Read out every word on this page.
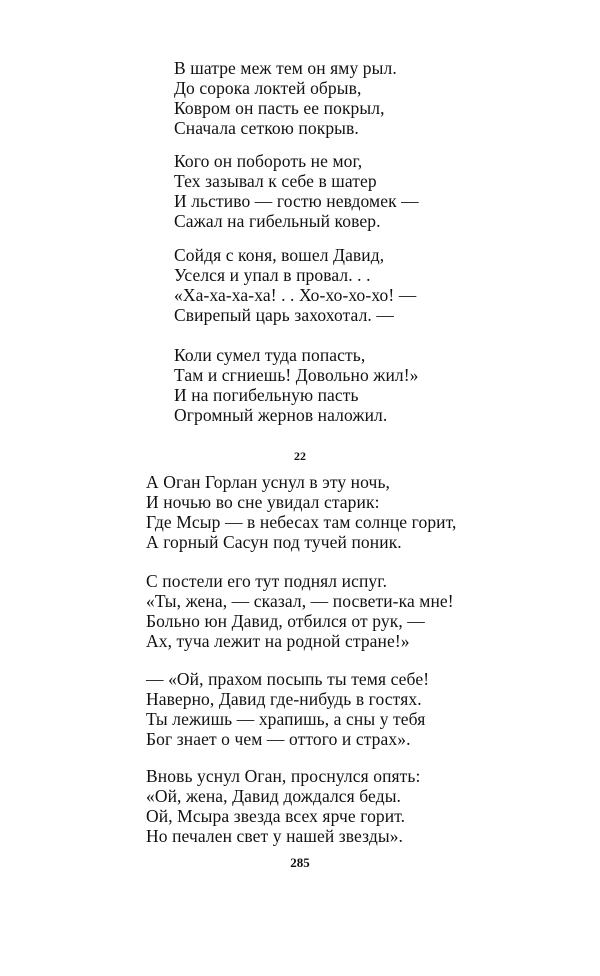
В шатре меж тем он яму рыл.
До сорока локтей обрыв,
Ковром он пасть ее покрыл,
Сначала сеткою покрыв.
Кого он побороть не мог,
Тех зазывал к себе в шатер
И льстиво — гостю невдомек —
Сажал на гибельный ковер.
Сойдя с коня, вошел Давид,
Уселся и упал в провал. . .
«Ха-ха-ха-ха! . . Хо-хо-хо-хо! —
Свирепый царь захохотал. —
Коли сумел туда попасть,
Там и сгниешь! Довольно жил!»
И на погибельную пасть
Огромный жернов наложил.
22
А Оган Горлан уснул в эту ночь,
И ночью во сне увидал старик:
Где Мсыр — в небесах там солнце горит,
А горный Сасун под тучей поник.
С постели его тут поднял испуг.
«Ты, жена, — сказал, — посвети-ка мне!
Больно юн Давид, отбился от рук, —
Ах, туча лежит на родной стране!»
— «Ой, прахом посыпь ты темя себе!
Наверно, Давид где-нибудь в гостях.
Ты лежишь — храпишь, а сны у тебя
Бог знает о чем — оттого и страх».
Вновь уснул Оган, проснулся опять:
«Ой, жена, Давид дождался беды.
Ой, Мсыра звезда всех ярче горит.
Но печален свет у нашей звезды».
285
